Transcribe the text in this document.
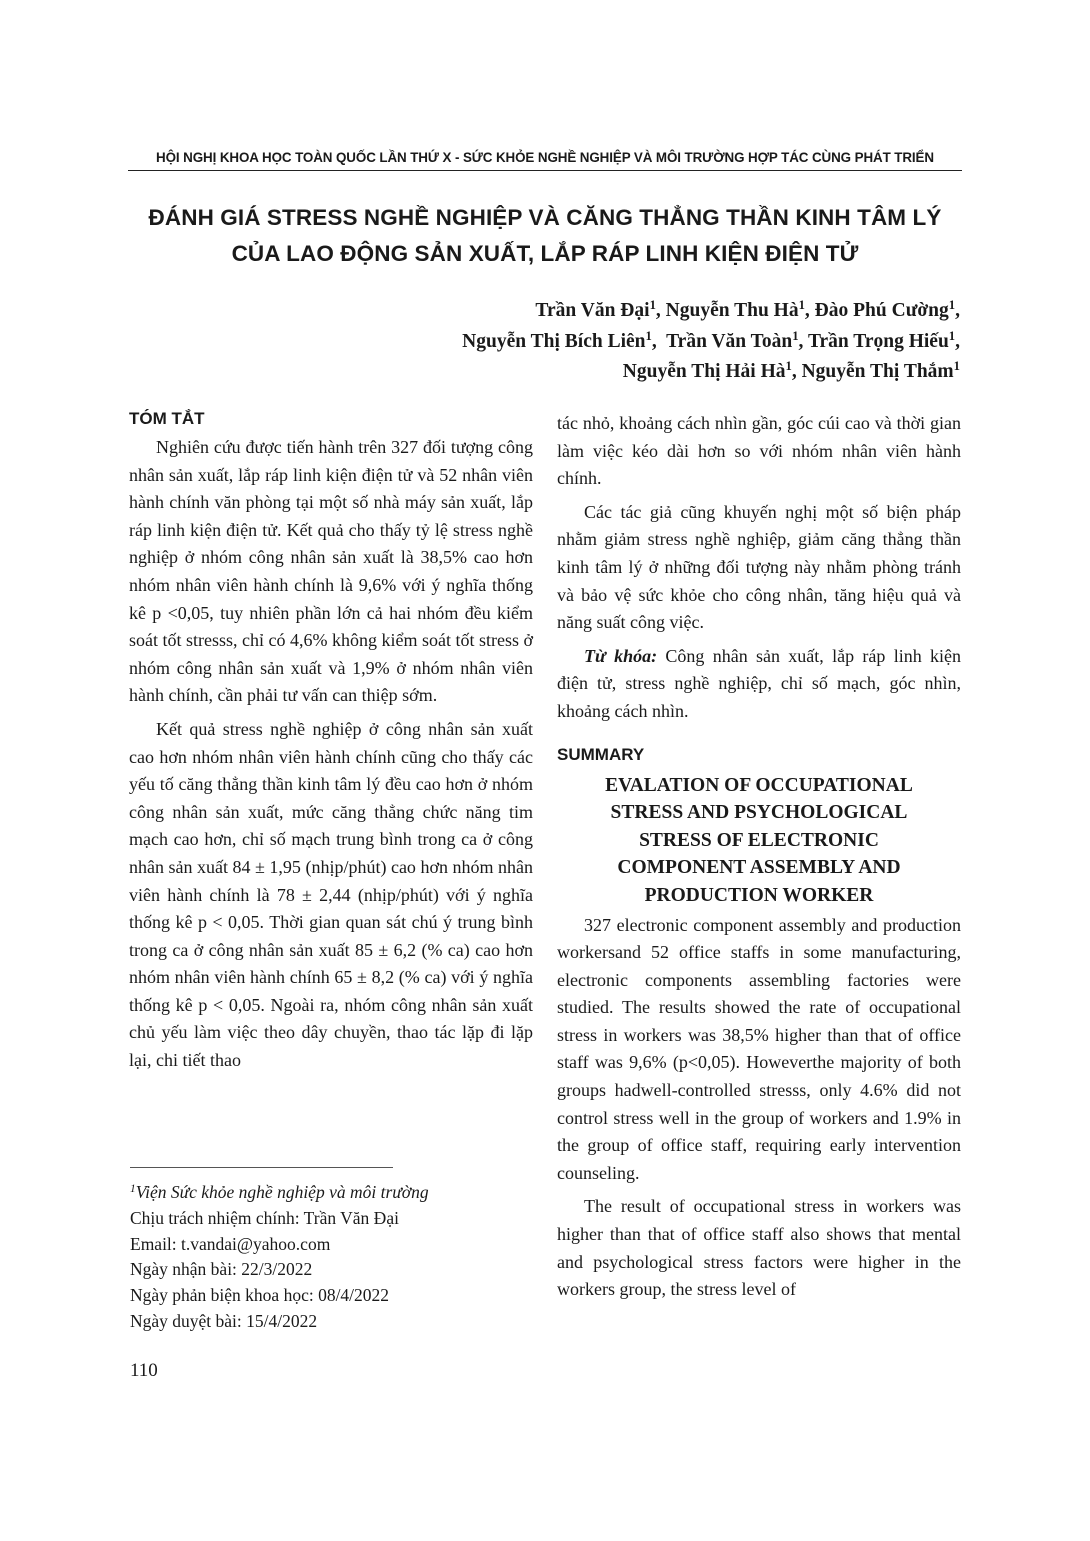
HỘI NGHỊ KHOA HỌC TOÀN QUỐC LẦN THỨ X - SỨC KHỎE NGHỀ NGHIỆP VÀ MÔI TRƯỜNG HỢP TÁC CÙNG PHÁT TRIỂN
ĐÁNH GIÁ STRESS NGHỀ NGHIỆP VÀ CĂNG THẲNG THẦN KINH TÂM LÝ
CỦA LAO ĐỘNG SẢN XUẤT, LẮP RÁP LINH KIỆN ĐIỆN TỬ
Trần Văn Đại$^1$, Nguyễn Thu $Hà^1$, Đào Phú Cường$^1$,
Nguyễn Thị Bích Liên$^1$,  Trần Văn Toàn$^1$, Trần Trọng Hiếu$^1$,
Nguyễn Thị Hải $Hà^1$, Nguyễn Thị Thắm$^1$
TÓM TẮT

Nghiên cứu được tiến hành trên 327 đối tượng công nhân sản xuất, lắp ráp linh kiện điện tử và 52 nhân viên hành chính văn phòng tại một số nhà máy sản xuất, lắp ráp linh kiện điện tử. Kết quả cho thấy tỷ lệ stress nghề nghiệp ở nhóm công nhân sản xuất là 38,5% cao hơn nhóm nhân viên hành chính là 9,6% với ý nghĩa thống kê p <0,05, tuy nhiên phần lớn cả hai nhóm đều kiểm soát tốt stresss, chỉ có 4,6% không kiểm soát tốt stress ở nhóm công nhân sản xuất và 1,9% ở nhóm nhân viên hành chính, cần phải tư vấn can thiệp sớm.

Kết quả stress nghề nghiệp ở công nhân sản xuất cao hơn nhóm nhân viên hành chính cũng cho thấy các yếu tố căng thẳng thần kinh tâm lý đều cao hơn ở nhóm công nhân sản xuất, mức căng thẳng chức năng tim mạch cao hơn, chỉ số mạch trung bình trong ca ở công nhân sản xuất 84 ± 1,95 (nhịp/phút) cao hơn nhóm nhân viên hành chính là 78 ± 2,44 (nhịp/phút) với ý nghĩa thống kê p < 0,05. Thời gian quan sát chú ý trung bình trong ca ở công nhân sản xuất 85 ± 6,2 (% ca) cao hơn nhóm nhân viên hành chính 65 ± 8,2 (% ca) với ý nghĩa thống kê p < 0,05. Ngoài ra, nhóm công nhân sản xuất chủ yếu làm việc theo dây chuyền, thao tác lặp đi lặp lại, chi tiết thao

tác nhỏ, khoảng cách nhìn gần, góc cúi cao và thời gian làm việc kéo dài hơn so với nhóm nhân viên hành chính.

Các tác giả cũng khuyến nghị một số biện pháp nhằm giảm stress nghề nghiệp, giảm căng thẳng thần kinh tâm lý ở những đối tượng này nhằm phòng tránh và bảo vệ sức khỏe cho công nhân, tăng hiệu quả và năng suất công việc.

Từ khóa: Công nhân sản xuất, lắp ráp linh kiện điện tử, stress nghề nghiệp, chỉ số mạch, góc nhìn, khoảng cách nhìn.

SUMMARY
EVALATION OF OCCUPATIONAL
STRESS AND PSYCHOLOGICAL
STRESS OF ELECTRONIC
COMPONENT ASSEMBLY AND
PRODUCTION WORKER

327 electronic component assembly and production workersand 52 office staffs in some manufacturing, electronic components assembling factories were studied. The results showed the rate of occupational stress in workers was 38,5% higher than that of office staff was 9,6% (p<0,05). Howeverthe majority of both groups hadwell-controlled stresss, only 4.6% did not control stress well in the group of workers and 1.9% in the group of office staff, requiring early intervention counseling.

The result of occupational stress in workers was higher than that of office staff also shows that mental and psychological stress factors were higher in the workers group, the stress level of

$^1$Viện Sức khỏe nghề nghiệp và môi trường
Chịu trách nhiệm chính: Trần Văn Đại
Email: t.vandai@yahoo.com
Ngày nhận bài: 22/3/2022
Ngày phản biện khoa học: 08/4/2022
Ngày duyệt bài: 15/4/2022
110
